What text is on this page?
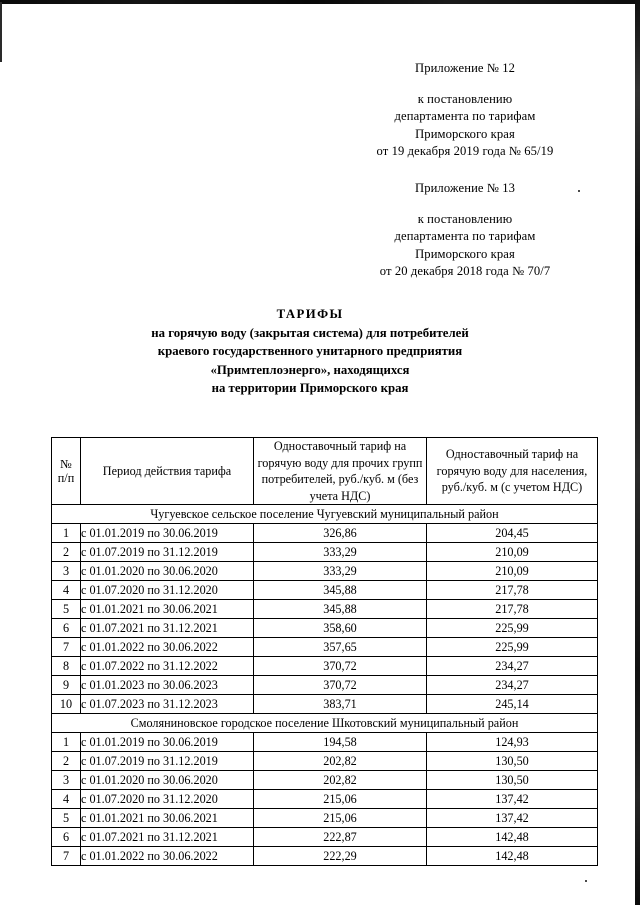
Приложение № 12
к постановлению
департамента по тарифам
Приморского края
от 19 декабря 2019 года № 65/19
Приложение № 13
к постановлению
департамента по тарифам
Приморского края
от 20 декабря 2018 года № 70/7
ТАРИФЫ
на горячую воду (закрытая система) для потребителей
краевого государственного унитарного предприятия
«Примтеплоэнерго», находящихся
на территории Приморского края
№
п/п	Период действия тарифа	Одноставочный тариф на горячую воду для прочих групп потребителей, руб./куб. м (без учета НДС)	Одноставочный тариф на горячую воду для населения, руб./куб. м (с учетом НДС)
Чугуевское сельское поселение Чугуевский муниципальный район			
1	с 01.01.2019 по 30.06.2019	326,86	204,45
2	с 01.07.2019 по 31.12.2019	333,29	210,09
3	с 01.01.2020 по 30.06.2020	333,29	210,09
4	с 01.07.2020 по 31.12.2020	345,88	217,78
5	с 01.01.2021 по 30.06.2021	345,88	217,78
6	с 01.07.2021 по 31.12.2021	358,60	225,99
7	с 01.01.2022 по 30.06.2022	357,65	225,99
8	с 01.07.2022 по 31.12.2022	370,72	234,27
9	с 01.01.2023 по 30.06.2023	370,72	234,27
10	с 01.07.2023 по 31.12.2023	383,71	245,14
Смоляниновское городское поселение Шкотовский муниципальный район			
1	с 01.01.2019 по 30.06.2019	194,58	124,93
2	с 01.07.2019 по 31.12.2019	202,82	130,50
3	с 01.01.2020 по 30.06.2020	202,82	130,50
4	с 01.07.2020 по 31.12.2020	215,06	137,42
5	с 01.01.2021 по 30.06.2021	215,06	137,42
6	с 01.07.2021 по 31.12.2021	222,87	142,48
7	с 01.01.2022 по 30.06.2022	222,29	142,48
